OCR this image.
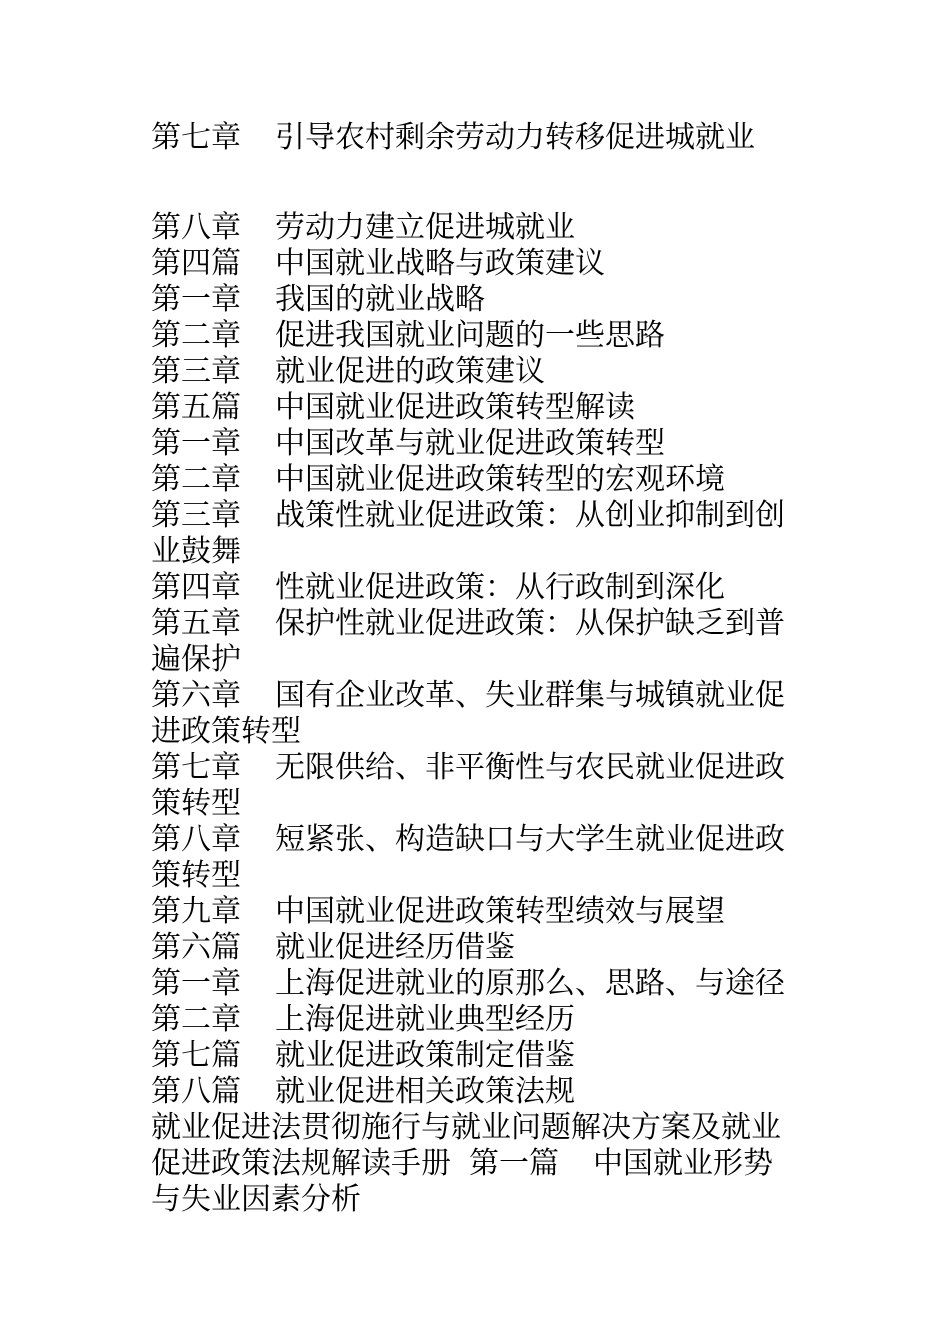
第七章 引导农村剩余劳动力转移促进城就业
第八章 劳动力建立促进城就业
第四篇 中国就业战略与政策建议
第一章 我国的就业战略
第二章 促进我国就业问题的一些思路
第三章 就业促进的政策建议
第五篇 中国就业促进政策转型解读
第一章 中国改革与就业促进政策转型
第二章 中国就业促进政策转型的宏观环境
第三章 战策性就业促进政策：从创业抑制到创业鼓舞
第四章 性就业促进政策：从行政制到深化
第五章 保护性就业促进政策：从保护缺乏到普遍保护
第六章 国有企业改革、失业群集与城镇就业促进政策转型
第七章 无限供给、非平衡性与农民就业促进政策转型
第八章 短紧张、构造缺口与大学生就业促进政策转型
第九章 中国就业促进政策转型绩效与展望
第六篇 就业促进经历借鉴
第一章 上海促进就业的原那么、思路、与途径
第二章 上海促进就业典型经历
第七篇 就业促进政策制定借鉴
第八篇 就业促进相关政策法规
就业促进法贯彻施行与就业问题解决方案及就业促进政策法规解读手册 第一篇 中国就业形势与失业因素分析
